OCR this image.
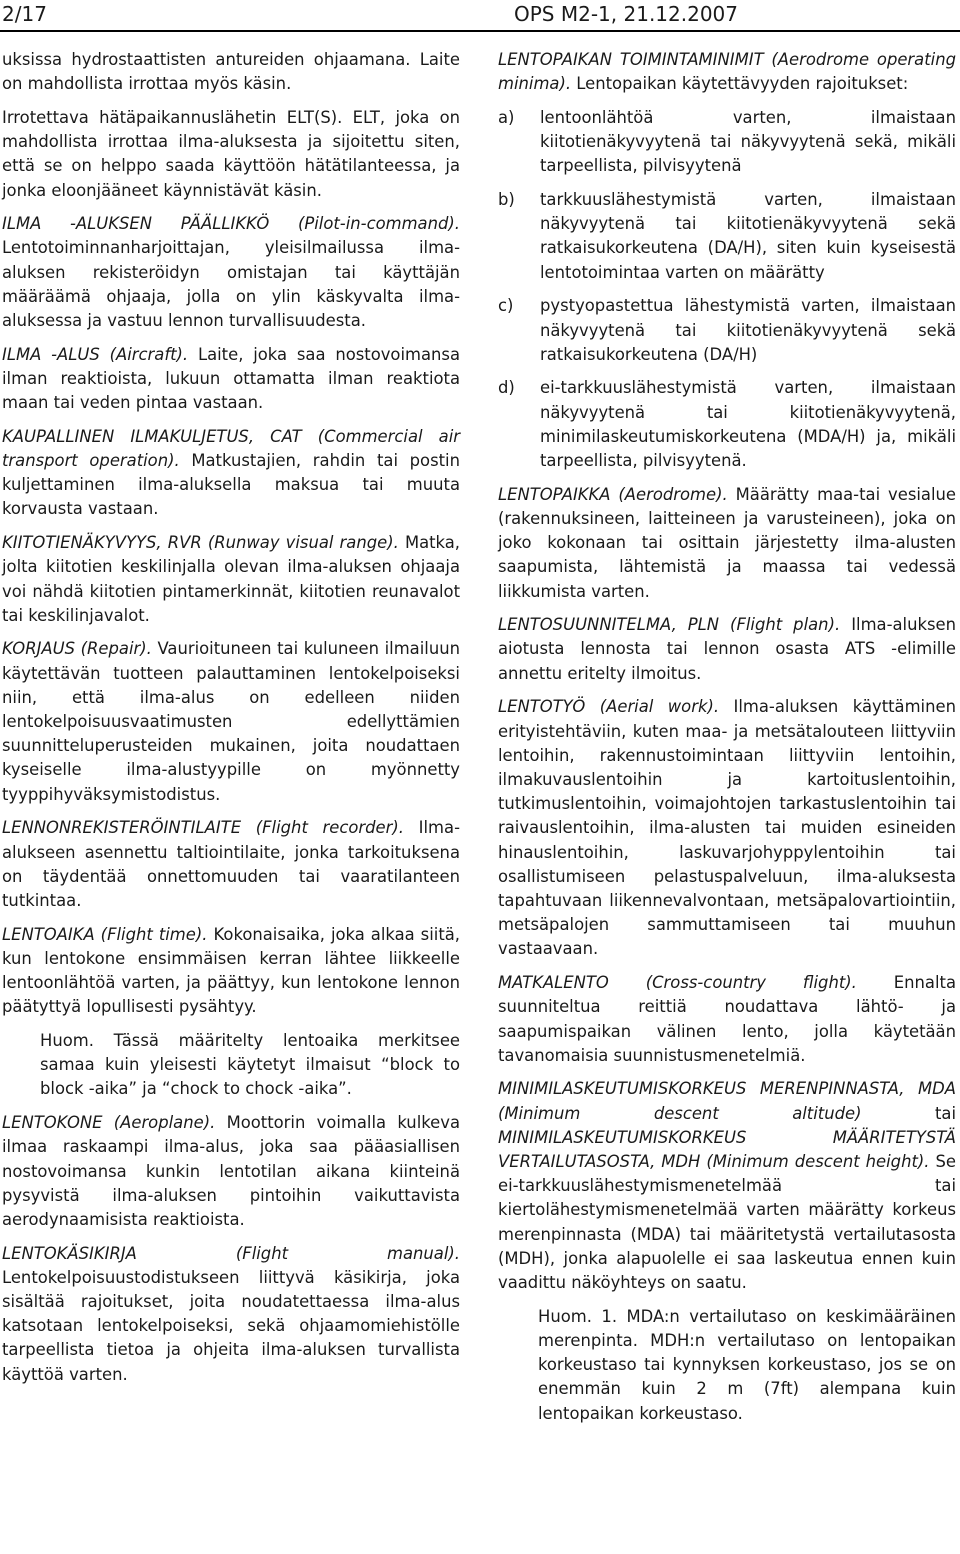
2/17	OPS M2-1, 21.12.2007

uksissa hydrostaattisten antureiden ohjaamana. Laite on mahdollista irrottaa myös käsin.

Irrotettava hätäpaikannuslähetin ELT(S). ELT, joka on mahdollista irrottaa ilma-aluksesta ja sijoitettu siten, että se on helppo saada käyttöön hätätilanteessa, ja jonka eloonjääneet käynnistävät käsin.

ILMA -ALUKSEN PÄÄLLIKKÖ (Pilot-in-command). Lentotoiminnanharjoittajan, yleisilmailussa ilma-aluksen rekisteröidyn omistajan tai käyttäjän määräämä ohjaaja, jolla on ylin käskyvalta ilma-aluksessa ja vastuu lennon turvallisuudesta.

ILMA -ALUS (Aircraft). Laite, joka saa nostovoimansa ilman reaktioista, lukuun ottamatta ilman reaktiota maan tai veden pintaa vastaan.

KAUPALLINEN ILMAKULJETUS, CAT (Commercial air transport operation). Matkustajien, rahdin tai postin kuljettaminen ilma-aluksella maksua tai muuta korvausta vastaan.

KIITOTIENÄKYVYYS, RVR (Runway visual range). Matka, jolta kiitotien keskilinjalla olevan ilma-aluksen ohjaaja voi nähdä kiitotien pintamerkinnät, kiitotien reunavalot tai keskilinjavalot.

KORJAUS (Repair). Vaurioituneen tai kuluneen ilmailuun käytettävän tuotteen palauttaminen lentokelpoiseksi niin, että ilma-alus on edelleen niiden lentokelpoisuusvaatimusten edellyttämien suunnitteluperusteiden mukainen, joita noudattaen kyseiselle ilma-alustyypille on myönnetty tyyppihyväksymistodistus.

LENNONREKISTERÖINTILAITE (Flight recorder). Ilma-alukseen asennettu taltiointilaite, jonka tarkoituksena on täydentää onnettomuuden tai vaaratilanteen tutkintaa.

LENTOAIKA (Flight time). Kokonaisaika, joka alkaa siitä, kun lentokone ensimmäisen kerran lähtee liikkeelle lentoonlähtöä varten, ja päättyy, kun lentokone lennon päätyttyä lopullisesti pysähtyy.

Huom. Tässä määritelty lentoaika merkitsee samaa kuin yleisesti käytetyt ilmaisut “block to block -aika” ja “chock to chock -aika”.

LENTOKONE (Aeroplane). Moottorin voimalla kulkeva ilmaa raskaampi ilma-alus, joka saa pääasiallisen nostovoimansa kunkin lentotilan aikana kiinteinä pysyvistä ilma-aluksen pintoihin vaikuttavista aerodynaamisista reaktioista.

LENTOKÄSIKIRJA (Flight manual). Lentokelpoisuustodistukseen liittyvä käsikirja, joka sisältää rajoitukset, joita noudatettaessa ilma-alus katsotaan lentokelpoiseksi, sekä ohjaamomiehistölle tarpeellista tietoa ja ohjeita ilma-aluksen turvallista käyttöä varten.

LENTOPAIKAN TOIMINTAMINIMIT (Aerodrome operating minima). Lentopaikan käytettävyyden rajoitukset:

a)	lentoonlähtöä varten, ilmaistaan kiitotienäkyvyytenä tai näkyvyytenä sekä, mikäli tarpeellista, pilvisyytenä
b)	tarkkuuslähestymistä varten, ilmaistaan näkyvyytenä tai kiitotienäkyvyytenä sekä ratkaisukorkeutena (DA/H), siten kuin kyseisestä lentotoimintaa varten on määrätty
c)	pystyopastettua lähestymistä varten, ilmaistaan näkyvyytenä tai kiitotienäkyvyytenä sekä ratkaisukorkeutena (DA/H)
d)	ei-tarkkuuslähestymistä varten, ilmaistaan näkyvyytenä tai kiitotienäkyvyytenä, minimilaskeutumiskorkeutena (MDA/H) ja, mikäli tarpeellista, pilvisyytenä.

LENTOPAIKKA (Aerodrome). Määrätty maa-tai vesialue (rakennuksineen, laitteineen ja varusteineen), joka on joko kokonaan tai osittain järjestetty ilma-alusten saapumista, lähtemistä ja maassa tai vedessä liikkumista varten.

LENTOSUUNNITELMA, PLN (Flight plan). Ilma-aluksen aiotusta lennosta tai lennon osasta ATS -elimille annettu eritelty ilmoitus.

LENTOTYÖ (Aerial work). Ilma-aluksen käyttäminen erityistehtäviin, kuten maa- ja metsätalouteen liittyviin lentoihin, rakennustoimintaan liittyviin lentoihin, ilmakuvauslentoihin ja kartoituslentoihin, tutkimuslentoihin, voimajohtojen tarkastuslentoihin tai raivauslentoihin, ilma-alusten tai muiden esineiden hinauslentoihin, laskuvarjohyppylentoihin tai osallistumiseen pelastuspalveluun, ilma-aluksesta tapahtuvaan liikennevalvontaan, metsäpalovartiointiin, metsäpalojen sammuttamiseen tai muuhun vastaavaan.

MATKALENTO (Cross-country flight). Ennalta suunniteltua reittiä noudattava lähtö- ja saapumispaikan välinen lento, jolla käytetään tavanomaisia suunnistusmenetelmiä.

MINIMILASKEUTUMISKORKEUS MERENPINNASTA, MDA (Minimum descent altitude)	tai MINIMILASKEUTUMISKORKEUS MÄÄRITETYSTÄ VERTAILUTASOSTA, MDH (Minimum descent height). Se ei-tarkkuuslähestymismenetelmää tai kiertolähestymismenetelmää varten määrätty korkeus merenpinnasta (MDA) tai määritetystä vertailutasosta (MDH), jonka alapuolelle ei saa laskeutua ennen kuin vaadittu näköyhteys on saatu.

Huom. 1. MDA:n vertailutaso on keskimääräinen merenpinta. MDH:n vertailutaso on lentopaikan korkeustaso tai kynnyksen korkeustaso, jos se on enemmän kuin 2 m (7ft) alempana kuin lentopaikan korkeustaso.
